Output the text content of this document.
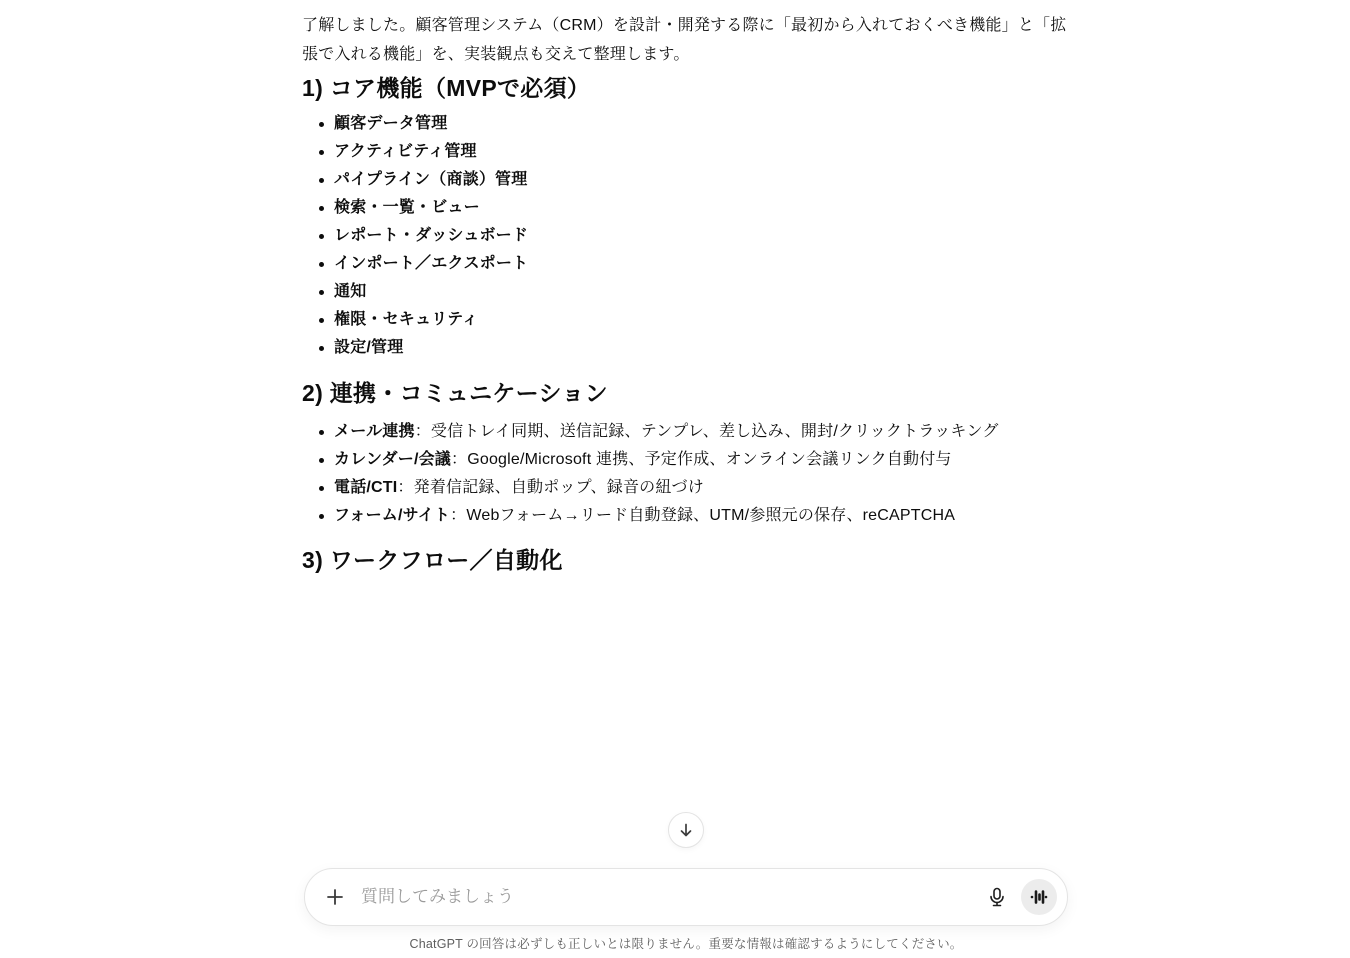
了解しました。顧客管理システム（CRM）を設計・開発する際に「最初から入れておくべき機能」と「拡張で入れる機能」を、実装観点も交えて整理します。

1) コア機能（MVPで必須）
顧客データ管理
アクティビティ管理
パイプライン（商談）管理
検索・一覧・ビュー
レポート・ダッシュボード
インポート／エクスポート
通知
権限・セキュリティ
設定/管理
2) 連携・コミュニケーション
メール連携：受信トレイ同期、送信記録、テンプレ、差し込み、開封/クリックトラッキング
カレンダー/会議：Google/Microsoft 連携、予定作成、オンライン会議リンク自動付与
電話/CTI：発着信記録、自動ポップ、録音の紐づけ
フォーム/サイト：Webフォーム→リード自動登録、UTM/参照元の保存、reCAPTCHA
3) ワークフロー／自動化
質問してみましょう
ChatGPT の回答は必ずしも正しいとは限りません。重要な情報は確認するようにしてください。
